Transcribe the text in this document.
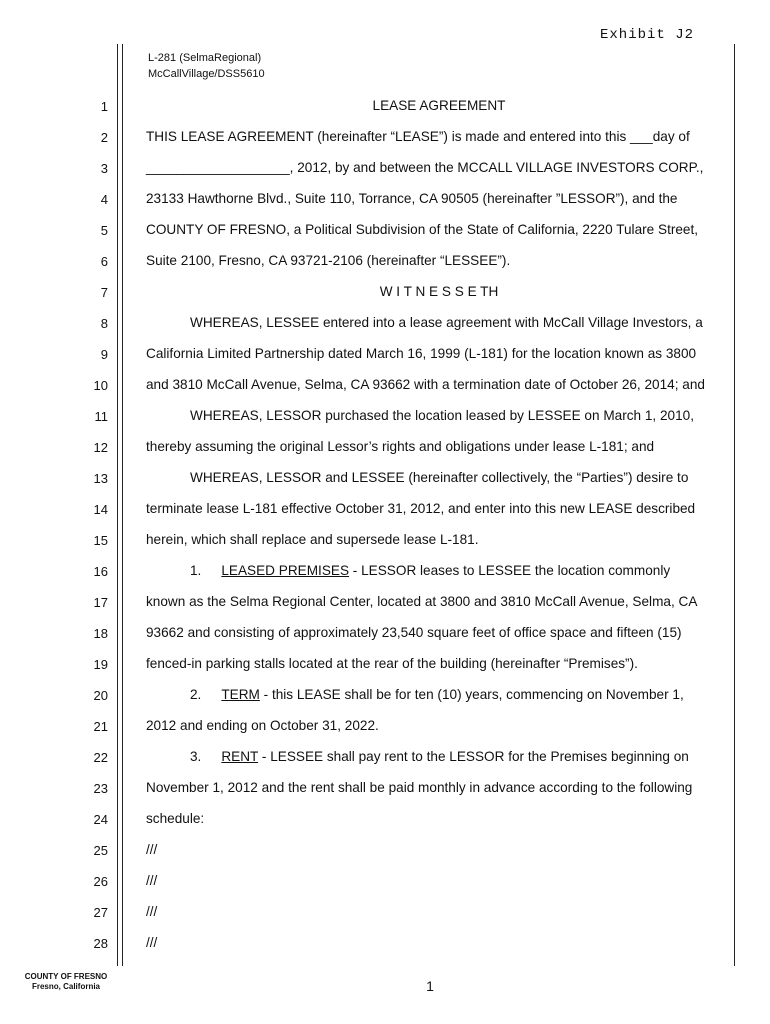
Exhibit J2
L-281 (SelmaRegional)
McCallVillage/DSS5610
1
2
3
4
5
6
7
8
9
10
11
12
13
14
15
16
17
18
19
20
21
22
23
24
25
26
27
28
LEASE AGREEMENT
THIS LEASE AGREEMENT (hereinafter “LEASE”) is made and entered into this ___day of
___________________, 2012, by and between the MCCALL VILLAGE INVESTORS CORP.,
23133 Hawthorne Blvd., Suite 110, Torrance, CA 90505 (hereinafter ”LESSOR”), and the
COUNTY OF FRESNO, a Political Subdivision of the State of California, 2220 Tulare Street,
Suite 2100, Fresno, CA 93721-2106 (hereinafter “LESSEE”).
W I T N E S S E TH
WHEREAS, LESSEE entered into a lease agreement with McCall Village Investors, a
California Limited Partnership dated March 16, 1999 (L-181) for the location known as 3800
and 3810 McCall Avenue, Selma, CA 93662 with a termination date of October 26, 2014; and
WHEREAS, LESSOR purchased the location leased by LESSEE on March 1, 2010,
thereby assuming the original Lessor’s rights and obligations under lease L-181; and
WHEREAS, LESSOR and LESSEE (hereinafter collectively, the “Parties”) desire to
terminate lease L-181 effective October 31, 2012, and enter into this new LEASE described
herein, which shall replace and supersede lease L-181.
1. LEASED PREMISES - LESSOR leases to LESSEE the location commonly
known as the Selma Regional Center, located at 3800 and 3810 McCall Avenue, Selma, CA
93662 and consisting of approximately 23,540 square feet of office space and fifteen (15)
fenced-in parking stalls located at the rear of the building (hereinafter “Premises”).
2. TERM - this LEASE shall be for ten (10) years, commencing on November 1,
2012 and ending on October 31, 2022.
3. RENT - LESSEE shall pay rent to the LESSOR for the Premises beginning on
November 1, 2012 and the rent shall be paid monthly in advance according to the following
schedule:
///
///
///
///
COUNTY OF FRESNO
Fresno, California	1
